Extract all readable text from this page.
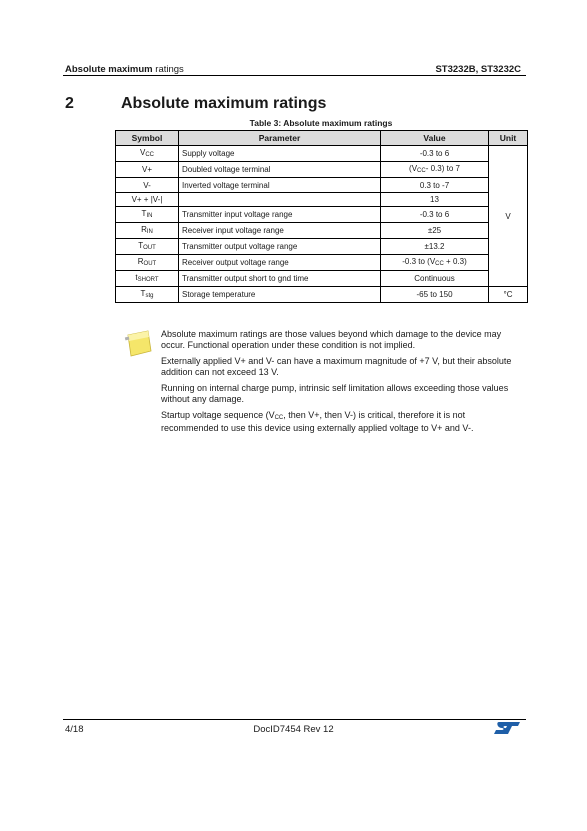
Absolute maximum ratings	ST3232B, ST3232C
2	Absolute maximum ratings
Table 3: Absolute maximum ratings
Symbol	Parameter	Value	Unit
$V_{CC}$	Supply voltage	-0.3 to 6	V
V+	Doubled voltage terminal	($V_{CC}-$ 0.3) to 7	
V-	Inverted voltage terminal	0.3 to -7	
V+ + |V-|		13	
$T_{IN}$	Transmitter input voltage range	-0.3 to 6	
$R_{IN}$	Receiver input voltage range	±25	
$T_{OUT}$	Transmitter output voltage range	±13.2	
$R_{OUT}$	Receiver output voltage range	-0.3 to $(V_{CC} + 0.3)$	
$t_{SHORT}$	Transmitter output short to gnd time	Continuous	
$T_{stg}$	Storage temperature	-65 to 150	°C

Absolute maximum ratings are those values beyond which damage to the device may occur. Functional operation under these condition is not implied.

Externally applied V+ and V- can have a maximum magnitude of +7 V, but their absolute addition can not exceed 13 V.

Running on internal charge pump, intrinsic self limitation allows exceeding those values without any damage.

Startup voltage sequence ($V_{CC}$, then V+, then V-) is critical, therefore it is not recommended to use this device using externally applied voltage to V+ and V-.

4/18	DocID7454 Rev 12
